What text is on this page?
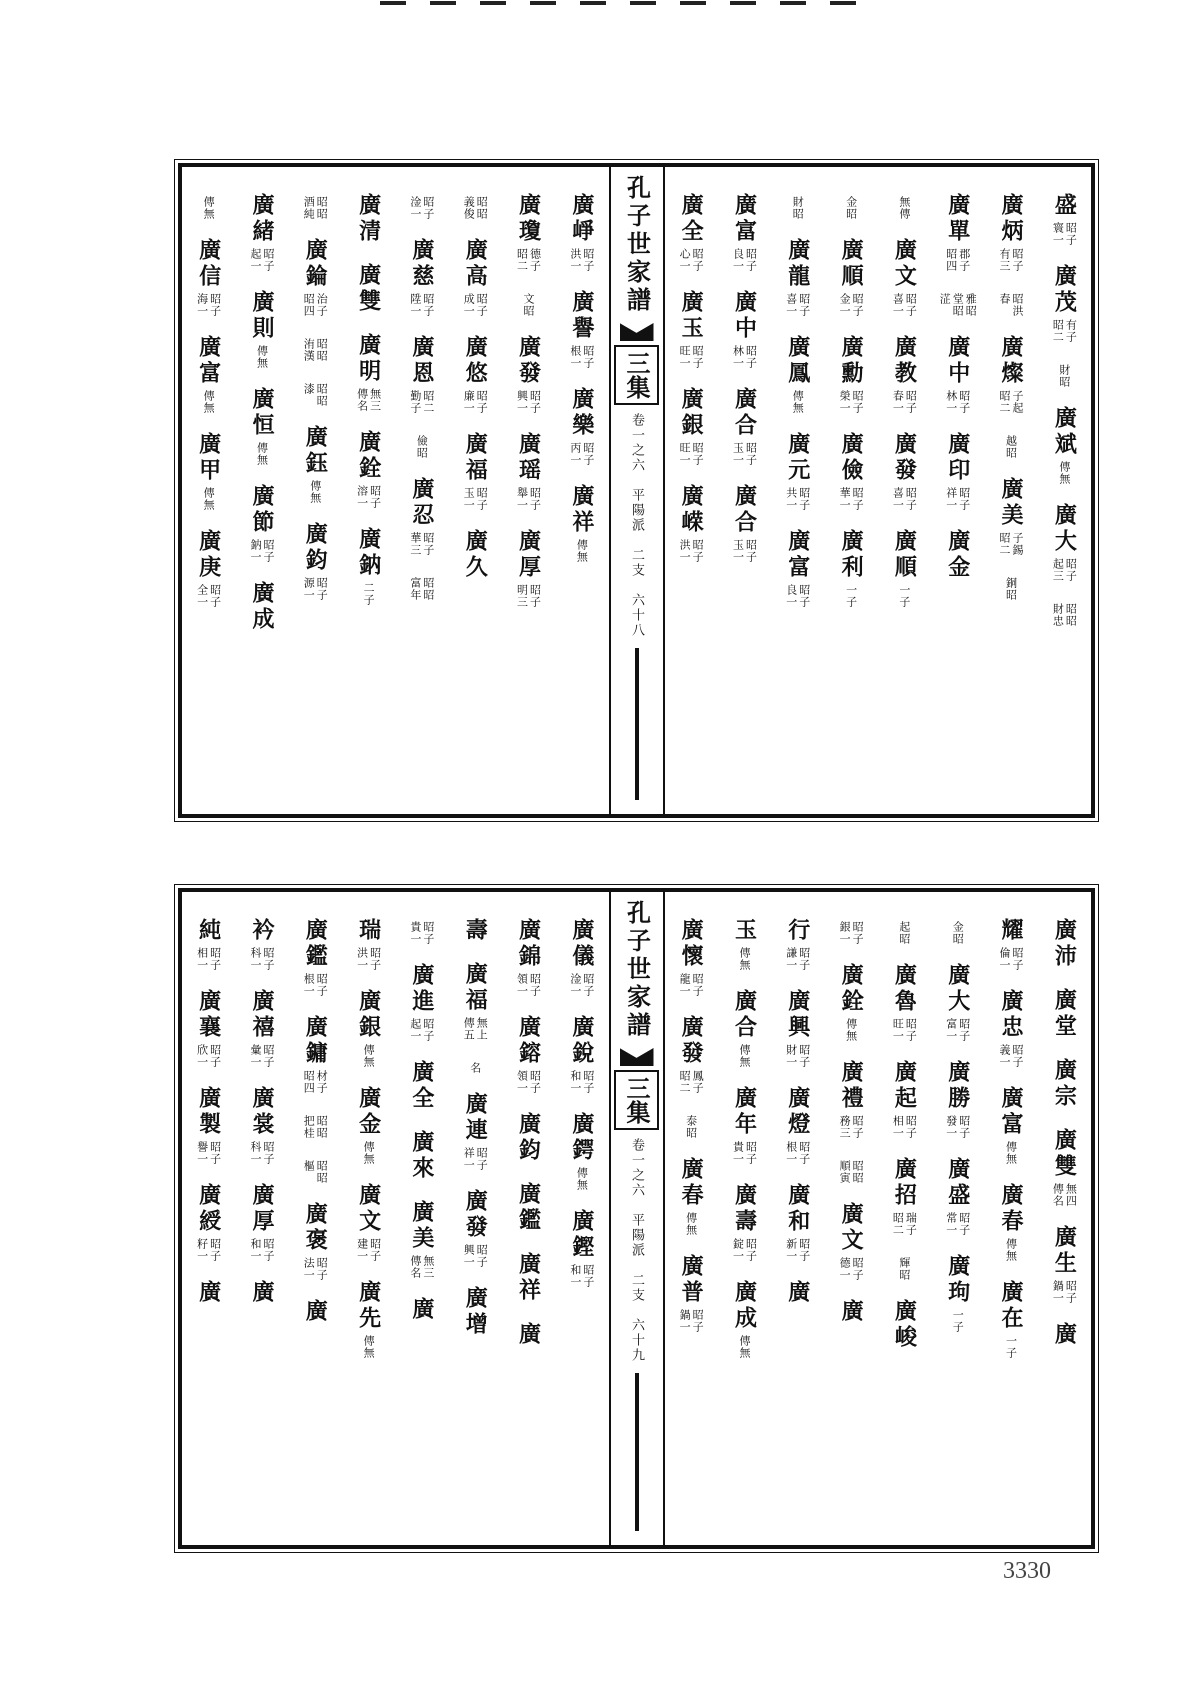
盛
昭子
寰一
廣茂
有子
昭二
財昭
廣斌
傳無
廣大
昭子
起三
昭昭
財忠
廣炳
昭子
有三
昭洪
春
廣燦
子起
昭二
越昭
廣美
子錫
昭二
銅昭
廣單
郡子
昭四
雅昭
堂昭
淽
廣中
昭子
林一
廣印
昭子
祥一
廣金
無傳
廣文
昭子
喜一
廣教
昭子
春一
廣發
昭子
喜一
廣順
一子
金昭
廣順
昭子
金一
廣勳
昭子
榮一
廣儉
昭子
華一
廣利
一子
財昭
廣龍
昭子
喜一
廣鳳
傳無
廣元
昭子
共一
廣富
昭子
良一
廣富
昭子
良一
廣中
昭子
林一
廣合
昭子
玉一
廣合
昭子
玉一
廣全
昭子
心一
廣玉
昭子
旺一
廣銀
昭子
旺一
廣嵘
昭子
洪一
孔子世家譜
三集
卷一之六　平陽派　二支　六十八
廣崢
昭子
洪一
廣譽
昭子
根一
廣樂
昭子
丙一
廣祥
傳無
廣瓊
德子
昭二
文昭
廣發
昭子
興一
廣瑶
昭子
舉一
廣厚
昭子
明三
昭昭
義俊
廣高
昭子
成一
廣悠
昭子
廉一
廣福
昭子
玉一
廣久
昭子
淦一
廣慈
昭子
陞一
廣恩
昭二
勤子
儉昭
廣忍
昭子
華三
昭昭
富年
廣清
廣雙
廣明
無三
傳名
廣銓
昭子
溶一
廣鈉
二子
昭昭
酒純
廣錀
治子
昭四
昭昭
洧漢
昭昭
漆
廣鈺
傳無
廣鈞
昭子
源一
廣緒
昭子
起一
廣則
傳無
廣恒
傳無
廣節
昭子
鈉一
廣成
傳無
廣信
昭子
海一
廣富
傳無
廣甲
傳無
廣庚
昭子
全一
廣沛
廣堂
廣宗
廣雙
無四
傳名
廣生
昭子
鍋一
廣
耀
昭子
倫一
廣忠
昭子
義一
廣富
傳無
廣春
傳無
廣在
一子
金昭
廣大
昭子
富一
廣勝
昭子
發一
廣盛
昭子
常一
廣玽
一子
起昭
廣魯
昭子
旺一
廣起
昭子
相一
廣招
瑞子
昭二
輝昭
廣峻
昭子
銀一
廣銓
傳無
廣禮
昭子
務三
昭昭
順寅
廣文
昭子
德一
廣
行
昭子
謙一
廣興
昭子
財一
廣燈
昭子
根一
廣和
昭子
新一
廣
玉
傳無
廣合
傳無
廣年
昭子
貴一
廣壽
昭子
錠一
廣成
傳無
廣懷
昭子
龍一
廣發
鳳子
昭二
泰昭
廣春
傳無
廣普
昭子
鍋一
孔子世家譜
三集
卷一之六　平陽派　二支　六十九
廣儀
昭子
淦一
廣銳
昭子
和一
廣鍔
傳無
廣鏗
昭子
和一
廣錦
昭子
領一
廣鎔
昭子
領一
廣鈞
廣鑑
廣祥
廣
壽
廣福
無上
傳五
名
廣連
昭子
祥一
廣發
昭子
興一
廣增
昭子
貴一
廣進
昭子
起一
廣全
廣來
廣美
無三
傳名
廣
瑞
昭子
洪一
廣銀
傳無
廣金
傳無
廣文
昭子
建一
廣先
傳無
廣鑑
昭子
根一
廣鏞
材子
昭四
昭昭
把桂
昭昭
樞
廣褒
昭子
法一
廣
衿
昭子
科一
廣禧
昭子
彙一
廣裳
昭子
科一
廣厚
昭子
和一
廣
純
昭子
相一
廣襄
昭子
欣一
廣製
昭子
譽一
廣綬
昭子
籽一
廣
3330
